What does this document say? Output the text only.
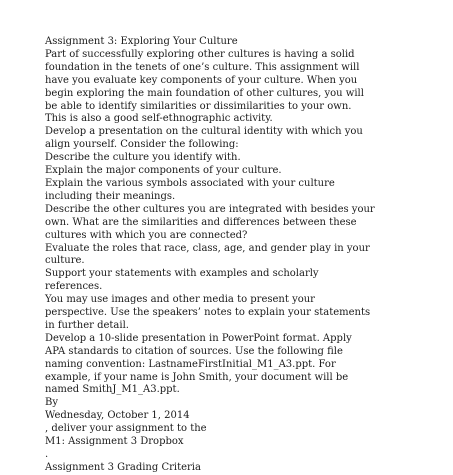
Assignment 3: Exploring Your Culture
Part of successfully exploring other cultures is having a solid
foundation in the tenets of one’s culture. This assignment will
have you evaluate key components of your culture. When you
begin exploring the main foundation of other cultures, you will
be able to identify similarities or dissimilarities to your own.
This is also a good self-ethnographic activity.
Develop a presentation on the cultural identity with which you
align yourself. Consider the following:
Describe the culture you identify with.
Explain the major components of your culture.
Explain the various symbols associated with your culture
including their meanings.
Describe the other cultures you are integrated with besides your
own. What are the similarities and differences between these
cultures with which you are connected?
Evaluate the roles that race, class, age, and gender play in your
culture.
Support your statements with examples and scholarly
references.
You may use images and other media to present your
perspective. Use the speakers’ notes to explain your statements
in further detail.
Develop a 10-slide presentation in PowerPoint format. Apply
APA standards to citation of sources. Use the following file
naming convention: LastnameFirstInitial_M1_A3.ppt. For
example, if your name is John Smith, your document will be
named SmithJ_M1_A3.ppt.
By
Wednesday, October 1, 2014
, deliver your assignment to the
M1: Assignment 3 Dropbox
.
Assignment 3 Grading Criteria
